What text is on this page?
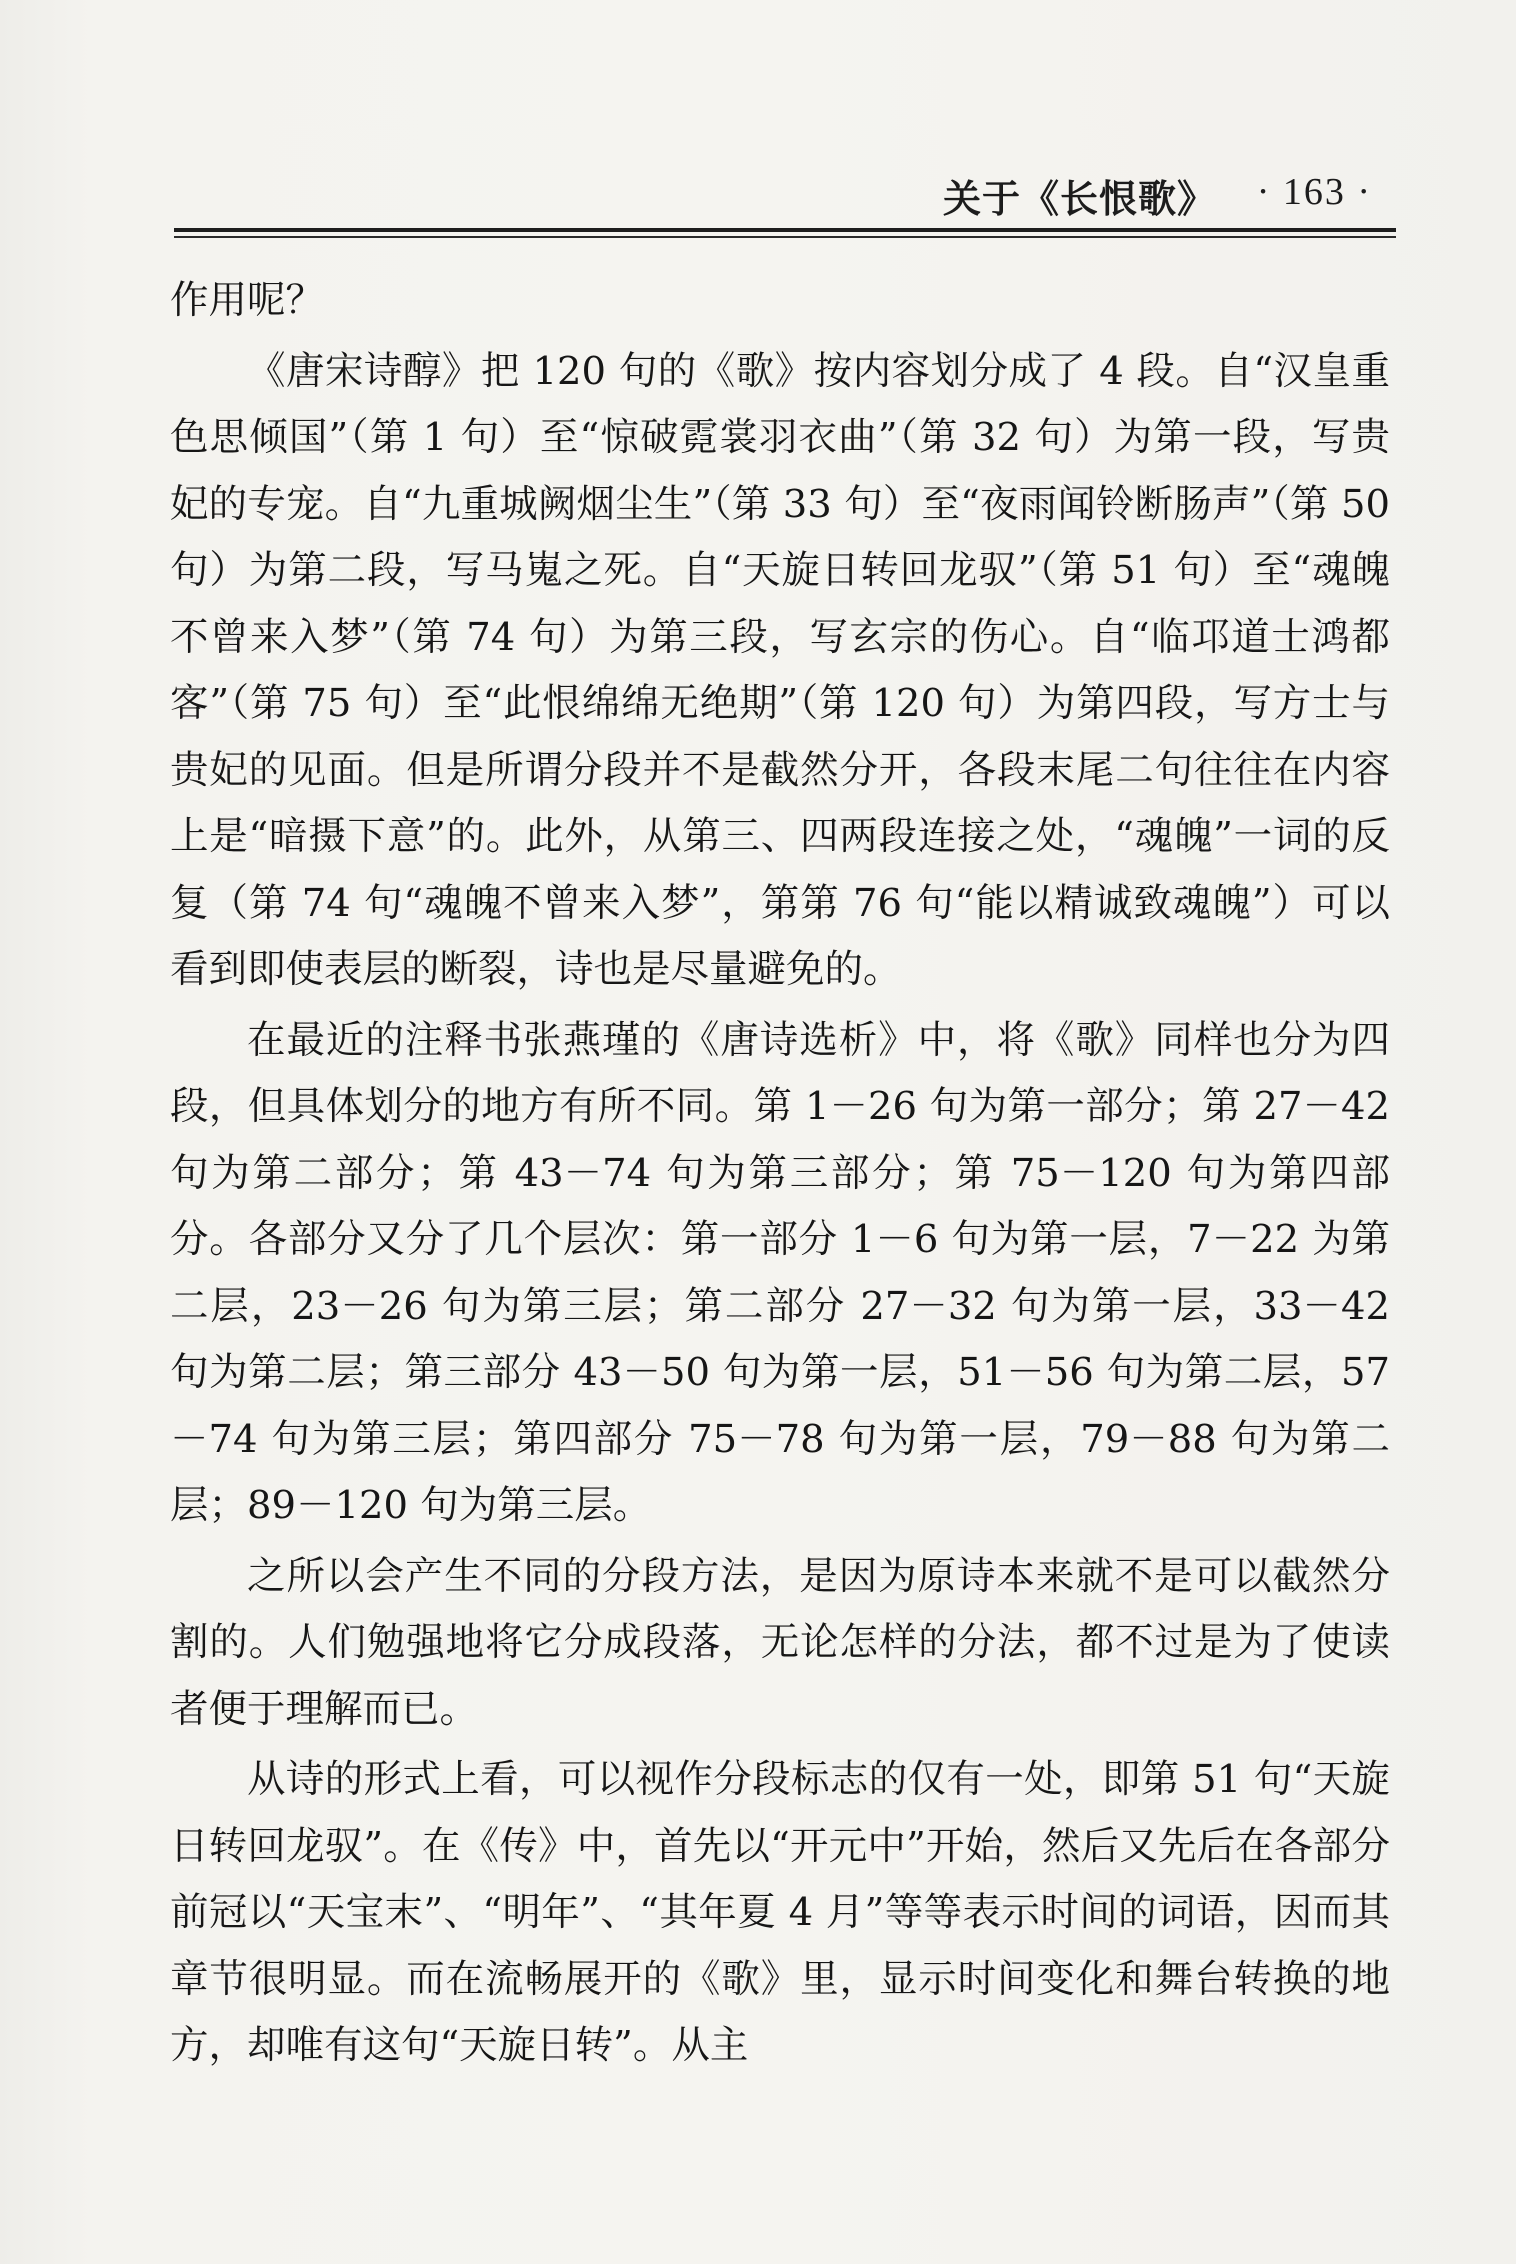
关于《长恨歌》 · 163 ·

作用呢？

《唐宋诗醇》把 120 句的《歌》按内容划分成了 4 段。自“汉皇重色思倾国”（第 1 句）至“惊破霓裳羽衣曲”（第 32 句）为第一段，写贵妃的专宠。自“九重城阙烟尘生”（第 33 句）至“夜雨闻铃断肠声”（第 50 句）为第二段，写马嵬之死。自“天旋日转回龙驭”（第 51 句）至“魂魄不曾来入梦”（第 74 句）为第三段，写玄宗的伤心。自“临邛道士鸿都客”（第 75 句）至“此恨绵绵无绝期”（第 120 句）为第四段，写方士与贵妃的见面。但是所谓分段并不是截然分开，各段末尾二句往往在内容上是“暗摄下意”的。此外，从第三、四两段连接之处，“魂魄”一词的反复（第 74 句“魂魄不曾来入梦”，第第 76 句“能以精诚致魂魄”）可以看到即使表层的断裂，诗也是尽量避免的。

在最近的注释书张燕瑾的《唐诗选析》中，将《歌》同样也分为四段，但具体划分的地方有所不同。第 1－26 句为第一部分；第 27－42 句为第二部分；第 43－74 句为第三部分；第 75－120 句为第四部分。各部分又分了几个层次：第一部分 1－6 句为第一层，7－22 为第二层，23－26 句为第三层；第二部分 27－32 句为第一层，33－42 句为第二层；第三部分 43－50 句为第一层，51－56 句为第二层，57－74 句为第三层；第四部分 75－78 句为第一层，79－88 句为第二层；89－120 句为第三层。

之所以会产生不同的分段方法，是因为原诗本来就不是可以截然分割的。人们勉强地将它分成段落，无论怎样的分法，都不过是为了使读者便于理解而已。

从诗的形式上看，可以视作分段标志的仅有一处，即第 51 句“天旋日转回龙驭”。在《传》中，首先以“开元中”开始，然后又先后在各部分前冠以“天宝末”、“明年”、“其年夏 4 月”等等表示时间的词语，因而其章节很明显。而在流畅展开的《歌》里，显示时间变化和舞台转换的地方，却唯有这句“天旋日转”。从主
